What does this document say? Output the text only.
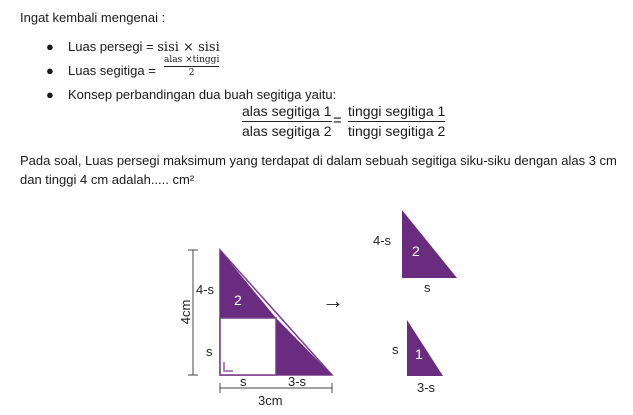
Ingat kembali mengenai :
● Luas persegi = sisi × sisi
● Luas segitiga =
alas ×tinggi
2
● Konsep perbandingan dua buah segitiga yaitu:
alas segitiga 1
alas segitiga 2
=
tinggi segitiga 1
tinggi segitiga 2
Pada soal, Luas persegi maksimum yang terdapat di dalam sebuah segitiga siku-siku dengan alas 3 cm
dan tinggi 4 cm adalah..... cm²
4cm
4-s
2
s
s	3-s
3cm
→
4-s
2
s
s 1
3-s
